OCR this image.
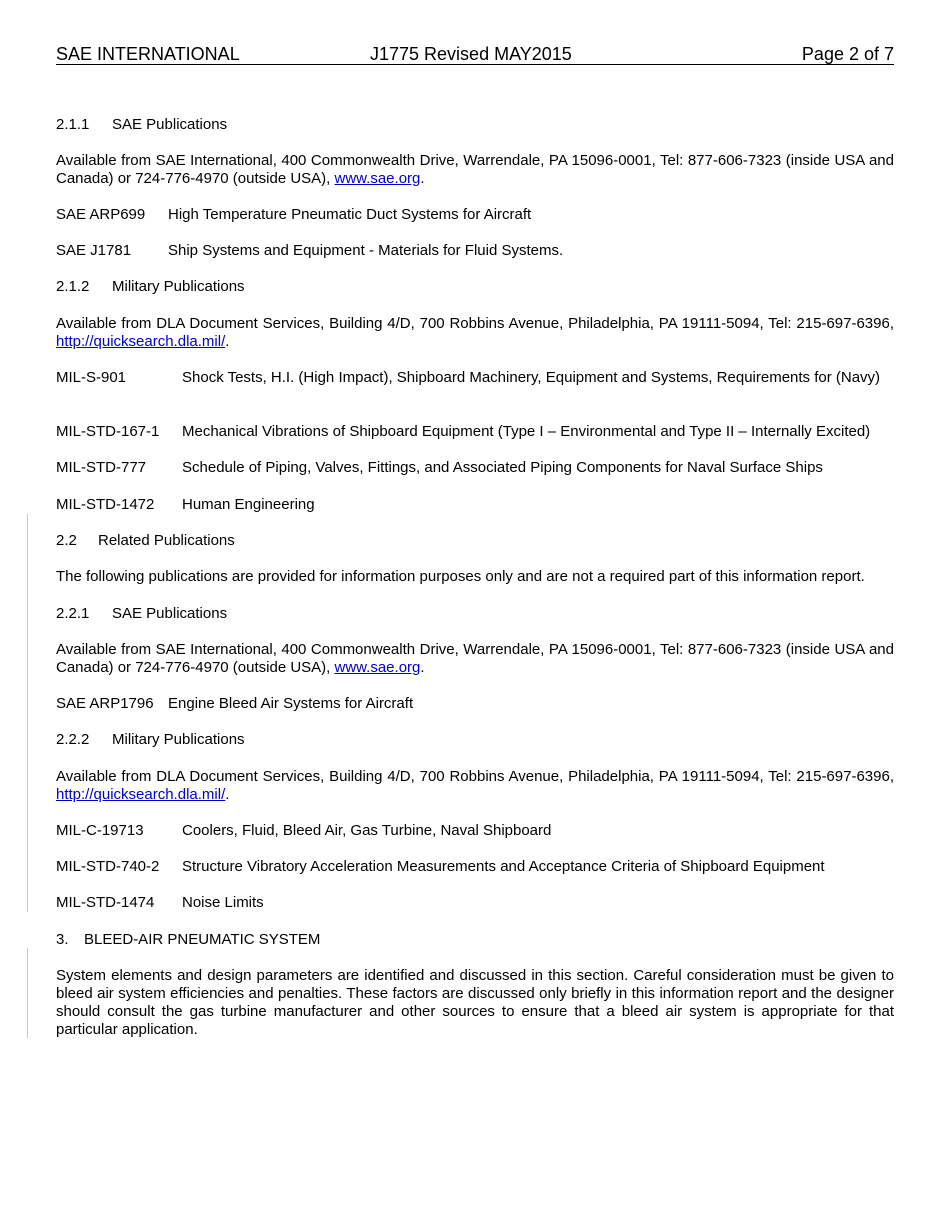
SAE INTERNATIONAL	J1775 Revised MAY2015	Page 2 of 7
2.1.1 SAE Publications

Available from SAE International, 400 Commonwealth Drive, Warrendale, PA 15096-0001, Tel: 877-606-7323 (inside USA and Canada) or 724-776-4970 (outside USA), www.sae.org.

SAE ARP699 High Temperature Pneumatic Duct Systems for Aircraft
SAE J1781 Ship Systems and Equipment - Materials for Fluid Systems.
2.1.2 Military Publications

Available from DLA Document Services, Building 4/D, 700 Robbins Avenue, Philadelphia, PA 19111-5094, Tel: 215-697-6396, http://quicksearch.dla.mil/.

MIL-S-901	Shock Tests, H.I. (High Impact), Shipboard Machinery, Equipment and Systems, Requirements for (Navy)
MIL-STD-167-1 Mechanical Vibrations of Shipboard Equipment (Type I – Environmental and Type II – Internally Excited)
MIL-STD-777 Schedule of Piping, Valves, Fittings, and Associated Piping Components for Naval Surface Ships
MIL-STD-1472 Human Engineering
2.2 Related Publications

The following publications are provided for information purposes only and are not a required part of this information report.

2.2.1 SAE Publications

Available from SAE International, 400 Commonwealth Drive, Warrendale, PA 15096-0001, Tel: 877-606-7323 (inside USA and Canada) or 724-776-4970 (outside USA), www.sae.org.

SAE ARP1796 Engine Bleed Air Systems for Aircraft
2.2.2 Military Publications

Available from DLA Document Services, Building 4/D, 700 Robbins Avenue, Philadelphia, PA 19111-5094, Tel: 215-697-6396, http://quicksearch.dla.mil/.

MIL-C-19713	Coolers, Fluid, Bleed Air, Gas Turbine, Naval Shipboard
MIL-STD-740-2 Structure Vibratory Acceleration Measurements and Acceptance Criteria of Shipboard Equipment
MIL-STD-1474 Noise Limits
3. BLEED-AIR PNEUMATIC SYSTEM

System elements and design parameters are identified and discussed in this section. Careful consideration must be given to bleed air system efficiencies and penalties. These factors are discussed only briefly in this information report and the designer should consult the gas turbine manufacturer and other sources to ensure that a bleed air system is appropriate for that particular application.
